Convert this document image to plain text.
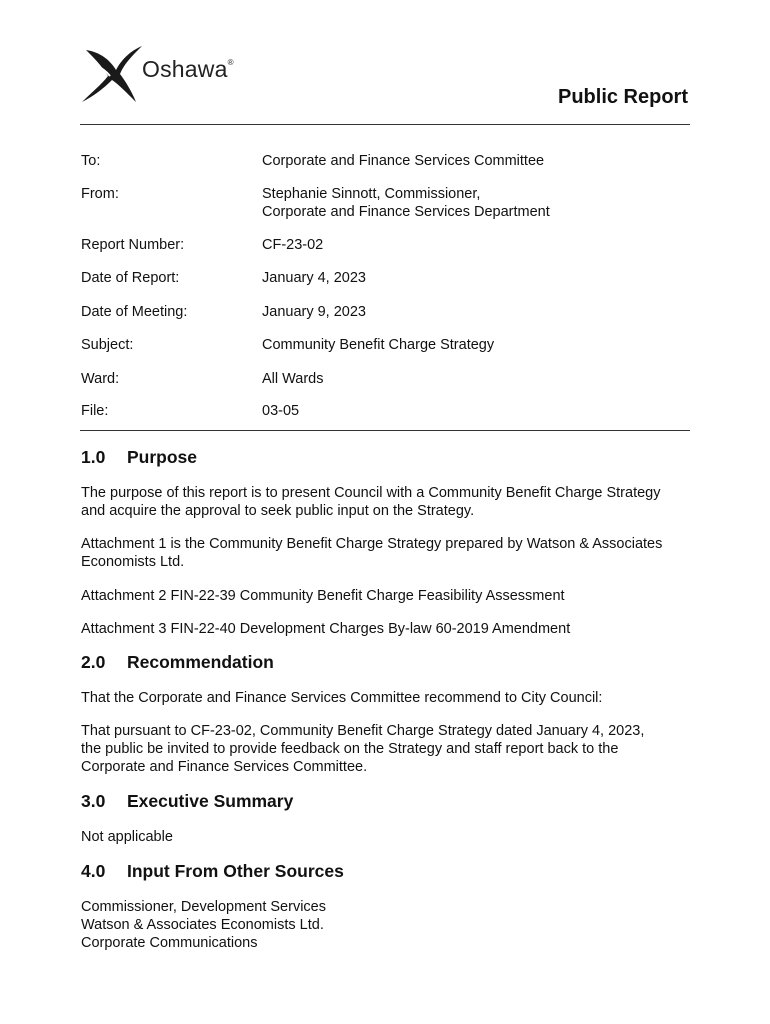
Oshawa®
Public Report
To:	Corporate and Finance Services Committee
From:	Stephanie Sinnott, Commissioner,
Corporate and Finance Services Department
Report Number:	CF-23-02
Date of Report:	January 4, 2023
Date of Meeting:	January 9, 2023
Subject:	Community Benefit Charge Strategy
Ward:	All Wards
File:	03-05
1.0 Purpose

The purpose of this report is to present Council with a Community Benefit Charge Strategy
and acquire the approval to seek public input on the Strategy.

Attachment 1 is the Community Benefit Charge Strategy prepared by Watson & Associates
Economists Ltd.

Attachment 2 FIN-22-39 Community Benefit Charge Feasibility Assessment

Attachment 3 FIN-22-40 Development Charges By-law 60-2019 Amendment

2.0 Recommendation

That the Corporate and Finance Services Committee recommend to City Council:

That pursuant to CF-23-02, Community Benefit Charge Strategy dated January 4, 2023,
the public be invited to provide feedback on the Strategy and staff report back to the
Corporate and Finance Services Committee.

3.0 Executive Summary

Not applicable

4.0 Input From Other Sources

Commissioner, Development Services
Watson & Associates Economists Ltd.
Corporate Communications
